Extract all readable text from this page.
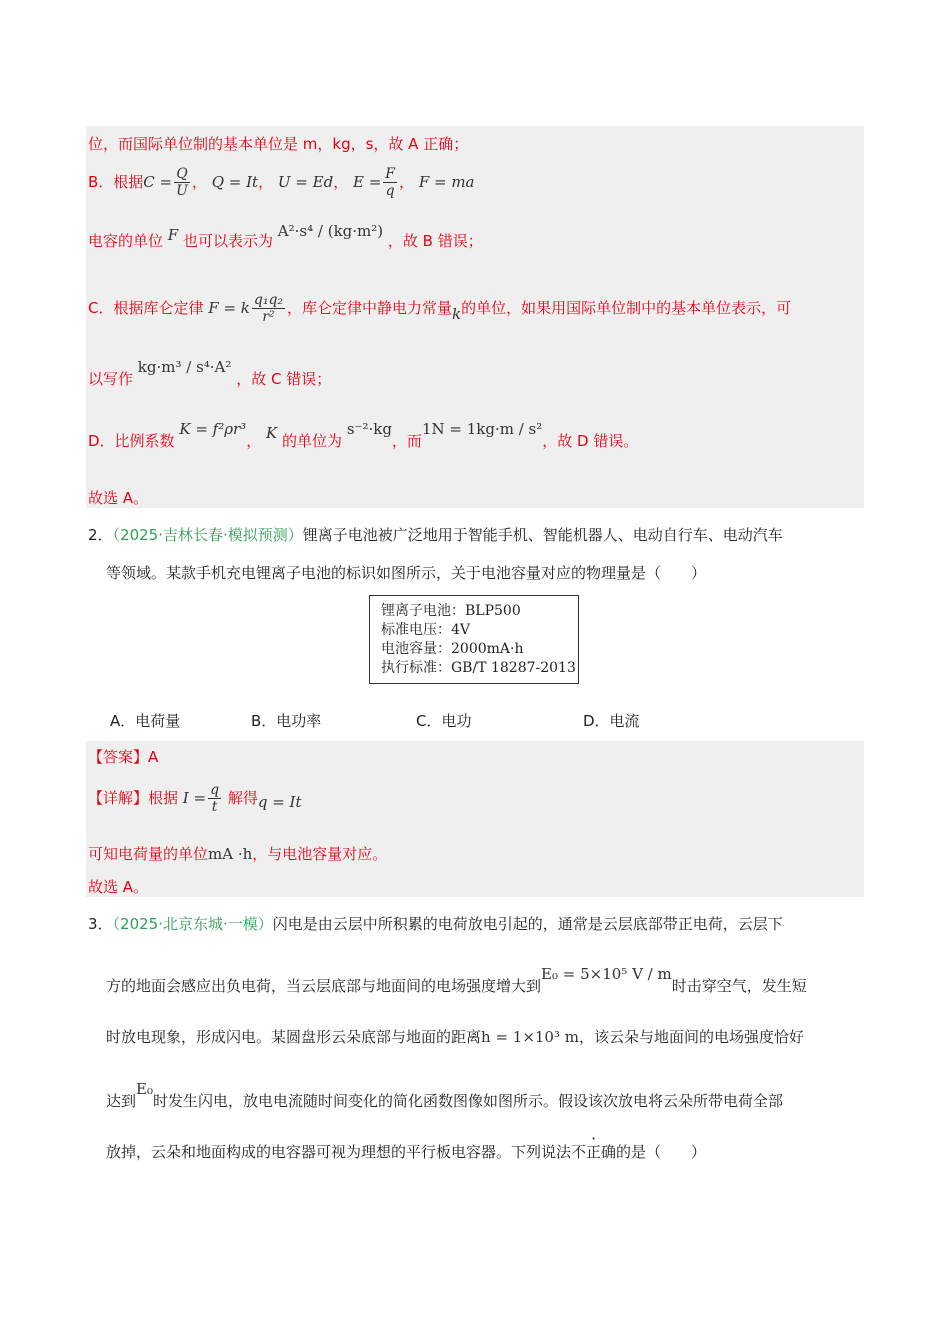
位，而国际单位制的基本单位是 m，kg，s，故 A 正确；
B．根据$C = \frac{Q}{U}$ ， Q = It， U = Ed， $E = \frac{F}{q}$ ， F = ma
电容的单位 F 也可以表示为 A²·s⁴ / (kg·m²) ，故 B 错误；
C．根据库仑定律 F = k $\frac{\text{q₁q₂}}{\text{r²}}$ ，库仑定律中静电力常量k的单位，如果用国际单位制中的基本单位表示，可
以写作 kg·m³ / s⁴·A² ，故 C 错误；
D．比例系数 K = f²ρr³， K 的单位为 s⁻²·kg，而1N = 1kg·m / s²，故 D 错误。
故选 A。
2．（2025·吉林长春·模拟预测）锂离子电池被广泛地用于智能手机、智能机器人、电动自行车、电动汽车
等领域。某款手机充电锂离子电池的标识如图所示，关于电池容量对应的物理量是（　　）
锂离子电池：BLP500
标准电压：4V
电池容量：2000mA·h
执行标准：GB/T 18287-2013
A．电荷量	B．电功率	C．电功	D．电流
【答案】A
【详解】根据 $I = \frac{q}{t}$ 解得q = It
可知电荷量的单位mA ·h，与电池容量对应。
故选 A。
3．（2025·北京东城·一模）闪电是由云层中所积累的电荷放电引起的，通常是云层底部带正电荷，云层下
方的地面会感应出负电荷，当云层底部与地面间的电场强度增大到E₀ = 5×10⁵ V / m时击穿空气，发生短
时放电现象，形成闪电。某圆盘形云朵底部与地面的距离h = 1×10³ m，该云朵与地面间的电场强度恰好
达到E₀时发生闪电，放电电流随时间变化的简化函数图像如图所示。假设该次放电将云朵所带电荷全部
放掉，云朵和地面构成的电容器可视为理想的平行板电容器。下列说法不正确的是（　　）
